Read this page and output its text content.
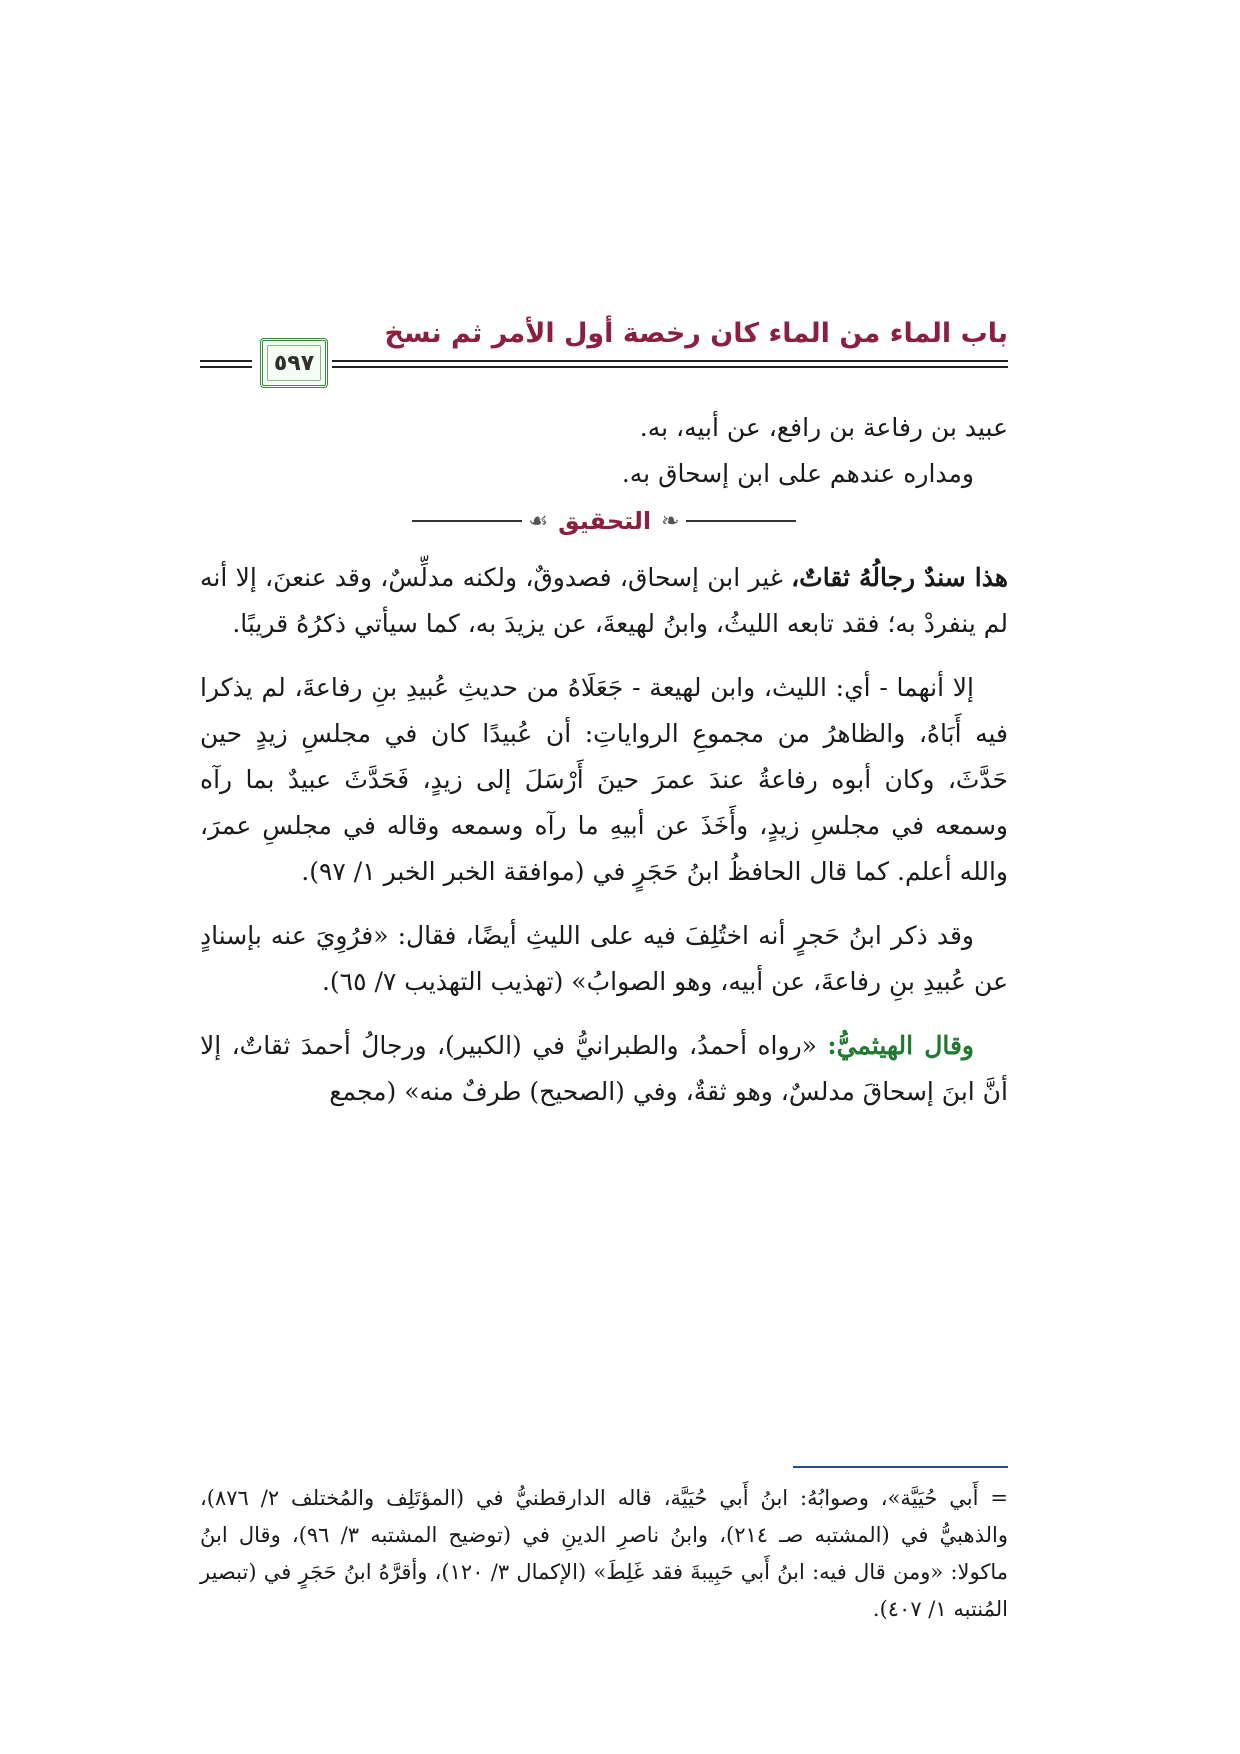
باب الماء من الماء كان رخصة أول الأمر ثم نسخ
٥٩٧

عبيد بن رفاعة بن رافع، عن أبيه، به.

ومداره عندهم على ابن إسحاق به.

❧
التحقيق
☙

هذا سندٌ رجالُهُ ثقاتٌ، غير ابن إسحاق، فصدوقٌ، ولكنه مدلِّسٌ، وقد عنعنَ، إلا أنه لم ينفردْ به؛ فقد تابعه الليثُ، وابنُ لهيعةَ، عن يزيدَ به، كما سيأتي ذكرُهُ قريبًا.

إلا أنهما - أي: الليث، وابن لهيعة - جَعَلَاهُ من حديثِ عُبيدِ بنِ رفاعةَ، لم يذكرا فيه أَبَاهُ، والظاهرُ من مجموعِ الرواياتِ: أن عُبيدًا كان في مجلسِ زيدٍ حين حَدَّثَ، وكان أبوه رفاعةُ عندَ عمرَ حينَ أَرْسَلَ إلى زيدٍ، فَحَدَّثَ عبيدٌ بما رآه وسمعه في مجلسِ زيدٍ، وأَخَذَ عن أبيهِ ما رآه وسمعه وقاله في مجلسِ عمرَ، والله أعلم. كما قال الحافظُ ابنُ حَجَرٍ في (موافقة الخبر الخبر ١/ ٩٧).

وقد ذكر ابنُ حَجرٍ أنه اختُلِفَ فيه على الليثِ أيضًا، فقال: «فرُوِيَ عنه بإسنادٍ عن عُبيدِ بنِ رفاعةَ، عن أبيه، وهو الصوابُ» (تهذيب التهذيب ٧/ ٦٥).

وقال الهيثميُّ: «رواه أحمدُ، والطبرانيُّ في (الكبير)، ورجالُ أحمدَ ثقاتٌ، إلا أنَّ ابنَ إسحاقَ مدلسٌ، وهو ثقةٌ، وفي (الصحيح) طرفٌ منه» (مجمع

= أَبي حُيَيَّة»، وصوابُهُ: ابنُ أَبي حُيَيَّة، قاله الدارقطنيُّ في (المؤتَلِف والمُختلف ٢/ ٨٧٦)، والذهبيُّ في (المشتبه صـ ٢١٤)، وابنُ ناصرِ الدينِ في (توضيح المشتبه ٣/ ٩٦)، وقال ابنُ ماكولا: «ومن قال فيه: ابنُ أَبي حَبِيبةَ فقد غَلِطَ» (الإكمال ٣/ ١٢٠)، وأقرَّهُ ابنُ حَجَرٍ في (تبصير المُنتبه ١/ ٤٠٧).
